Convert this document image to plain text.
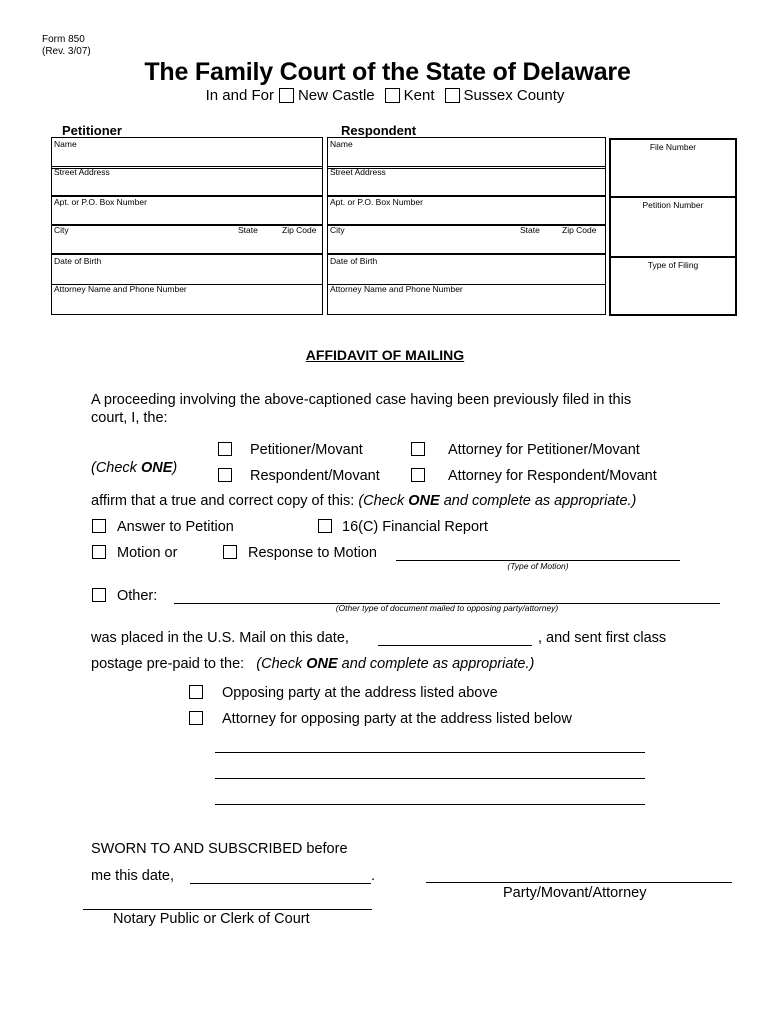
Form 850
(Rev. 3/07)
The Family Court of the State of Delaware
In and For New Castle Kent Sussex County
Petitioner	Respondent
Name
Street Address
Apt. or P.O. Box Number
City	State	Zip Code
Date of Birth
Attorney Name and Phone Number
Name
Street Address
Apt. or P.O. Box Number
City	State	Zip Code
Date of Birth
Attorney Name and Phone Number
File Number
Petition Number
Type of Filing
AFFIDAVIT OF MAILING
A proceeding involving the above-captioned case having been previously filed in this
court, I, the:
Petitioner/Movant	Attorney for Petitioner/Movant
(Check ONE)	Respondent/Movant	Attorney for Respondent/Movant
affirm that a true and correct copy of this: (Check ONE and complete as appropriate.)
Answer to Petition	16(C) Financial Report
Motion or	Response to Motion
(Type of Motion)
Other:
(Other type of document mailed to opposing party/attorney)
was placed in the U.S. Mail on this date,	, and sent first class
postage pre-paid to the: (Check ONE and complete as appropriate.)
Opposing party at the address listed above
Attorney for opposing party at the address listed below
SWORN TO AND SUBSCRIBED before
me this date,	.
Party/Movant/Attorney
Notary Public or Clerk of Court
